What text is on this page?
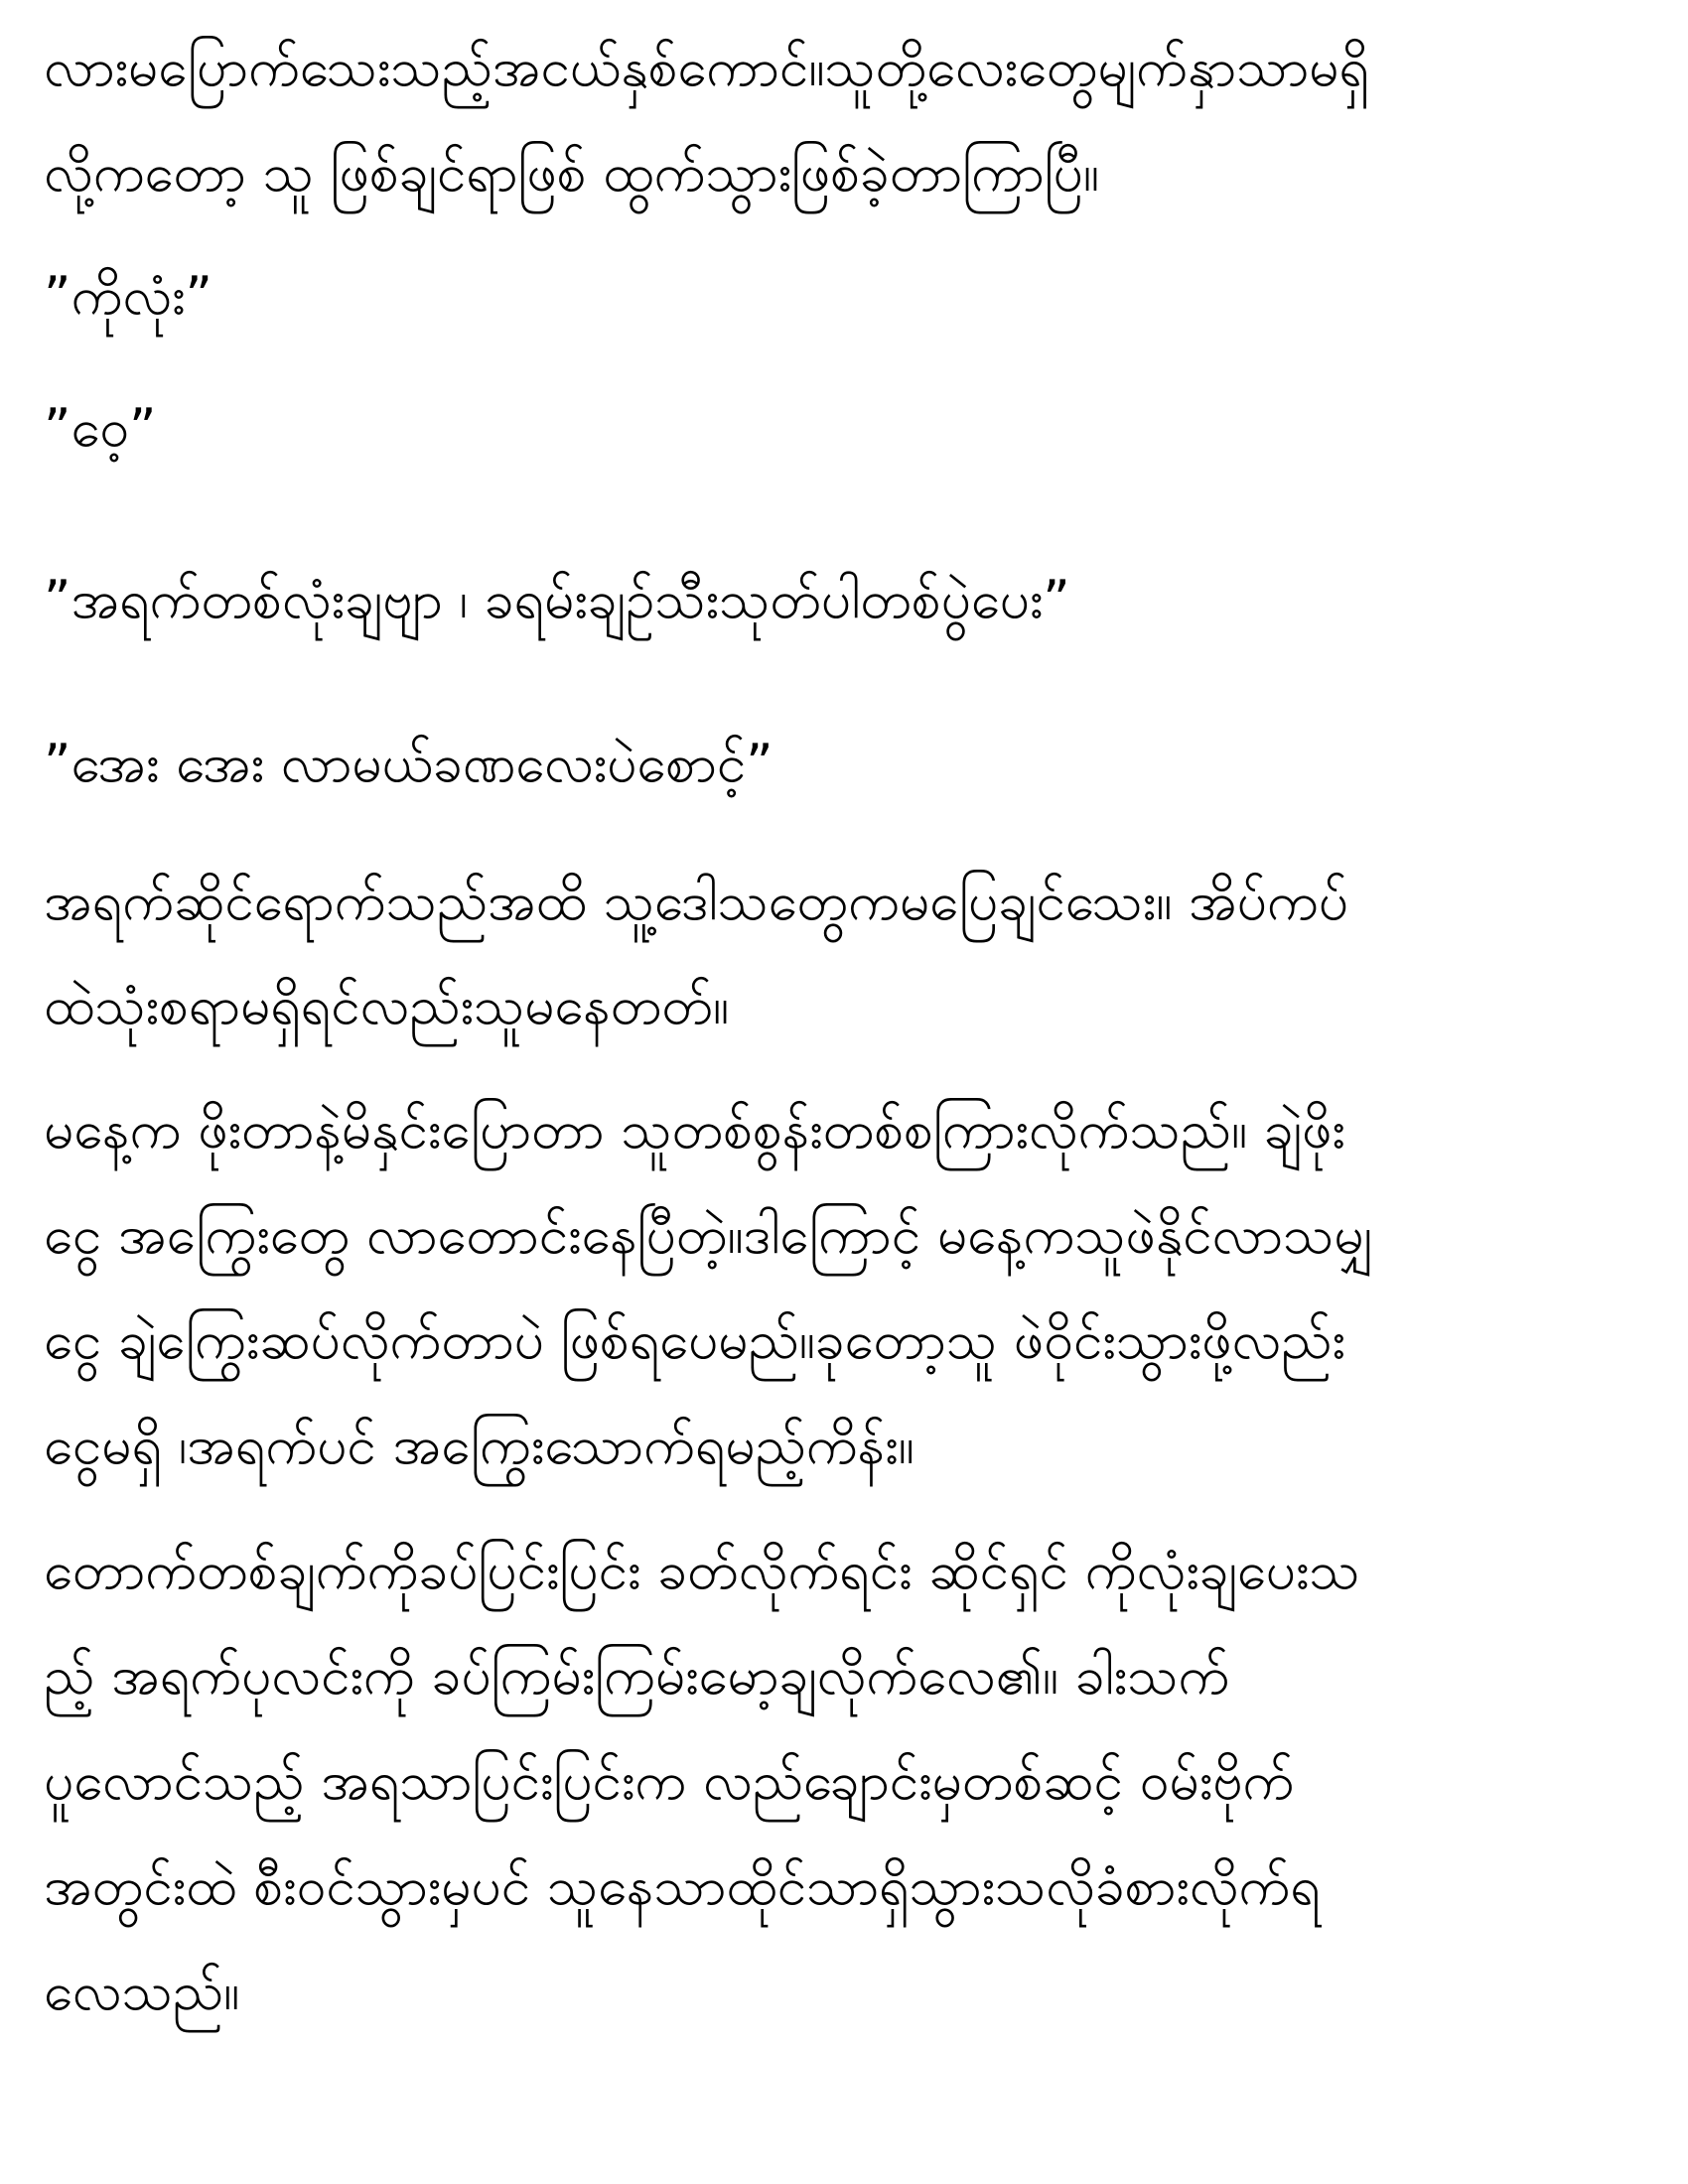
လားမပြောက်သေးသည့်အငယ်နှစ်ကောင်။သူတို့လေးတွေမျက်နှာသာမရှိ
လို့ကတော့ သူ ဖြစ်ချင်ရာဖြစ် ထွက်သွားဖြစ်ခဲ့တာကြာပြီ။
”ကိုလုံး”
”ဝေ့”
”အရက်တစ်လုံးချဗျာ ၊ ခရမ်းချဉ်သီးသုတ်ပါတစ်ပွဲပေး”
”အေး အေး လာမယ်ခဏလေးပဲစောင့်”
အရက်ဆိုင်ရောက်သည်အထိ သူ့ဒေါသတွေကမပြေချင်သေး။ အိပ်ကပ်
ထဲသုံးစရာမရှိရင်လည်းသူမနေတတ်။
မနေ့က ဖိုးတာနဲ့မိနှင်းပြောတာ သူတစ်စွန်းတစ်စကြားလိုက်သည်။ ချဲဖိုး
ငွေ အကြွေးတွေ လာတောင်းနေပြီတဲ့။ဒါကြောင့် မနေ့ကသူဖဲနိုင်လာသမျှ
ငွေ ချဲကြွေးဆပ်လိုက်တာပဲ ဖြစ်ရပေမည်။ခုတော့သူ ဖဲဝိုင်းသွားဖို့လည်း
ငွေမရှိ ၊အရက်ပင် အကြွေးသောက်ရမည့်ကိန်း။
တောက်တစ်ချက်ကိုခပ်ပြင်းပြင်း ခတ်လိုက်ရင်း ဆိုင်ရှင် ကိုလုံးချပေးသ
ည့် အရက်ပုလင်းကို ခပ်ကြမ်းကြမ်းမော့ချလိုက်လေ၏။ ခါးသက်
ပူလောင်သည့် အရသာပြင်းပြင်းက လည်ချောင်းမှတစ်ဆင့် ဝမ်းဗိုက်
အတွင်းထဲ စီးဝင်သွားမှပင် သူနေသာထိုင်သာရှိသွားသလိုခံစားလိုက်ရ
လေသည်။
